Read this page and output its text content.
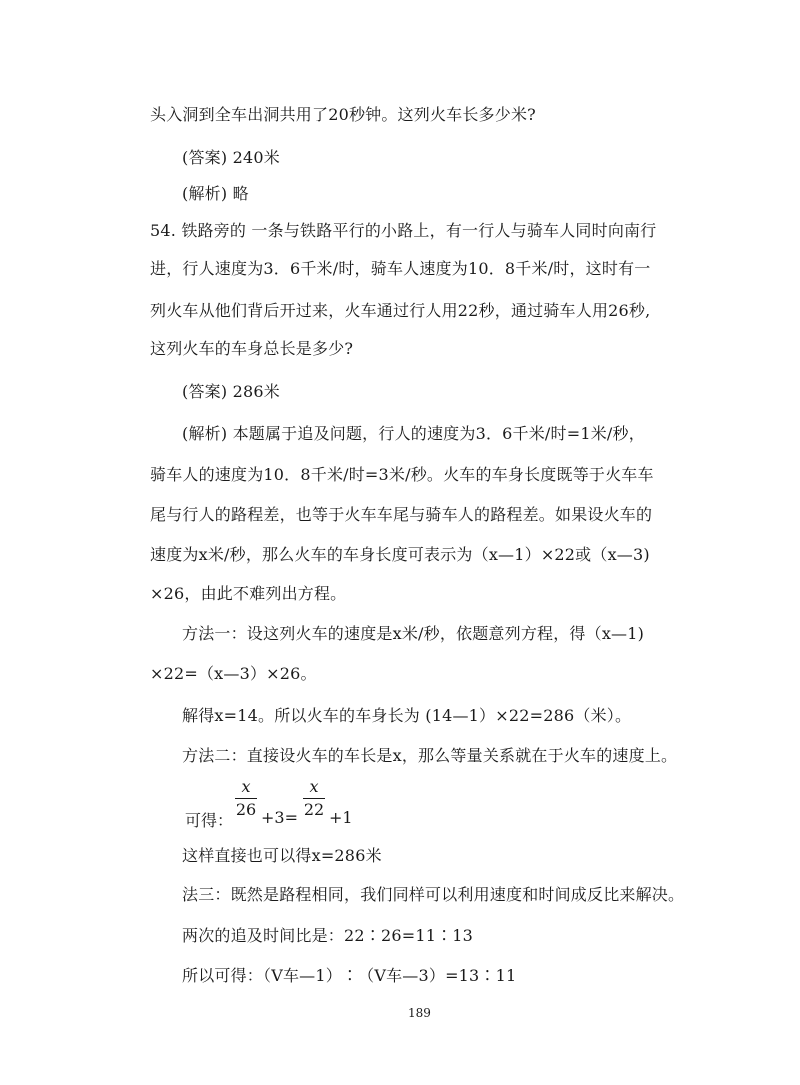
头入洞到全车出洞共用了20秒钟。这列火车长多少米?
(答案) 240米
(解析) 略
54. 铁路旁的 一条与铁路平行的小路上，有一行人与骑车人同时向南行
进，行人速度为3．6千米/时，骑车人速度为10．8千米/时，这时有一
列火车从他们背后开过来，火车通过行人用22秒，通过骑车人用26秒,
这列火车的车身总长是多少?
(答案) 286米
(解析) 本题属于追及问题，行人的速度为3．6千米/时=1米/秒，
骑车人的速度为10．8千米/时=3米/秒。火车的车身长度既等于火车车
尾与行人的路程差，也等于火车车尾与骑车人的路程差。如果设火车的
速度为x米/秒，那么火车的车身长度可表示为（x—1）×22或（x—3)
×26，由此不难列出方程。
方法一：设这列火车的速度是x米/秒，依题意列方程，得（x—1)
×22=（x—3）×26。
解得x=14。所以火车的车身长为 (14—1）×22=286（米）。
方法二：直接设火车的车长是x，那么等量关系就在于火车的速度上。
可得：
x
26 +3=
x
22 +1
这样直接也可以得x=286米
法三：既然是路程相同，我们同样可以利用速度和时间成反比来解决。
两次的追及时间比是：22∶26=11∶13
所以可得：（V车—1）∶（V车—3）=13∶11
189
